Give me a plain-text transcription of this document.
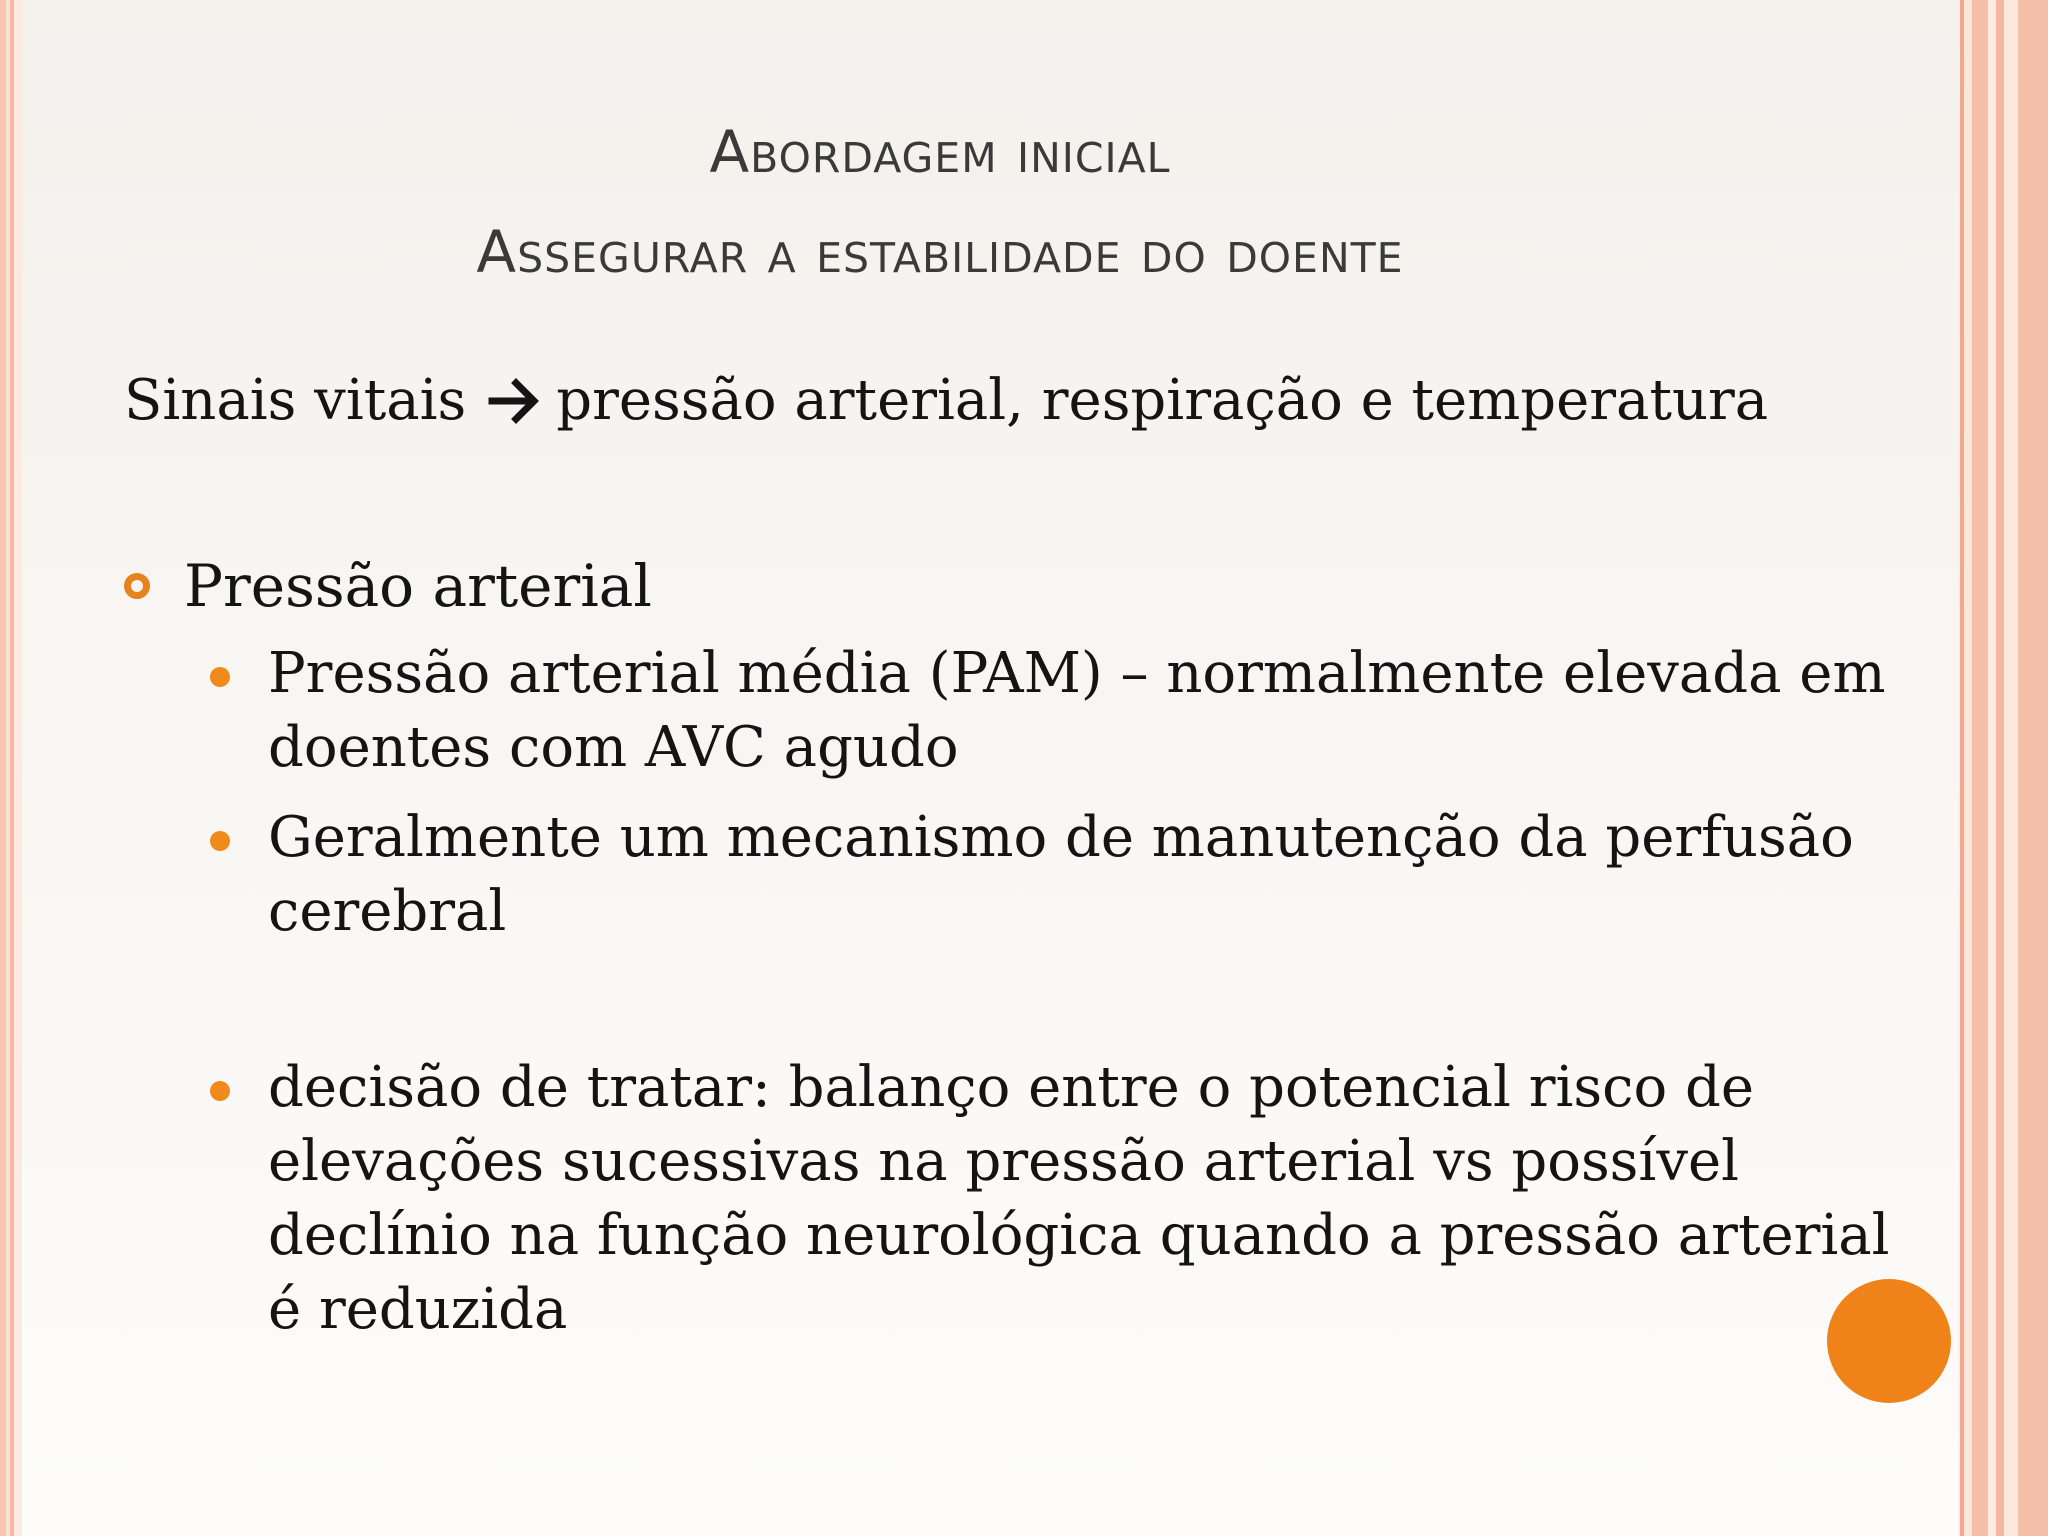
Abordagem inicial
Assegurar a estabilidade do doente
Sinais vitais pressão arterial, respiração e temperatura
Pressão arterial
Pressão arterial média (PAM) – normalmente elevada em doentes com AVC agudo
Geralmente um mecanismo de manutenção da perfusão cerebral
decisão de tratar: balanço entre o potencial risco de elevações sucessivas na pressão arterial vs possível declínio na função neurológica quando a pressão arterial é reduzida
